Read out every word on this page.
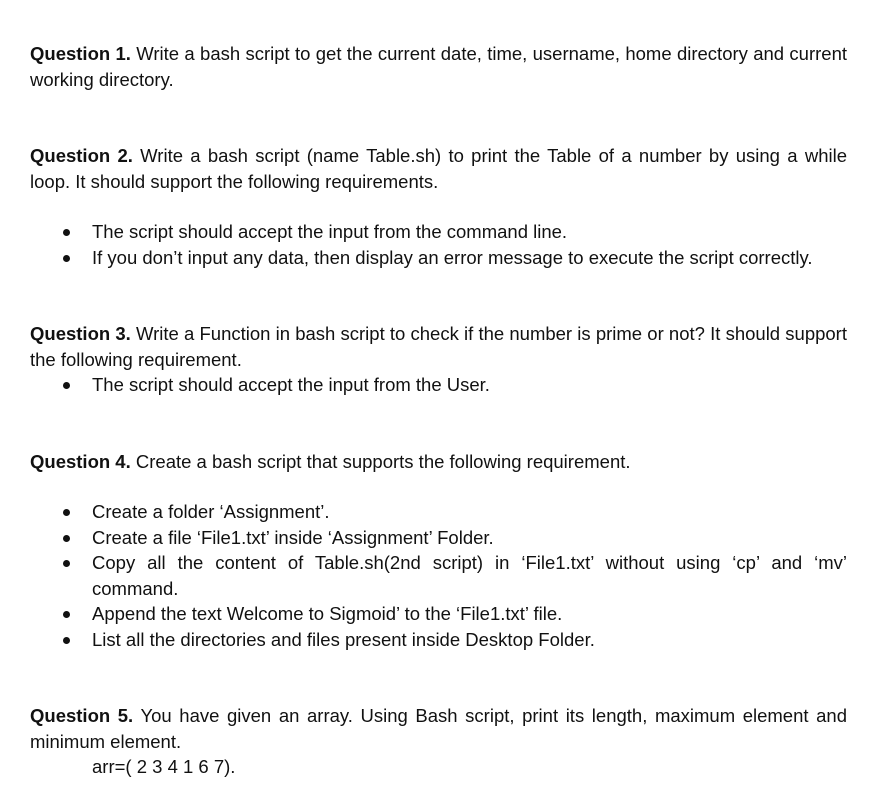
Question 1. Write a bash script to get the current date, time, username, home directory and current working directory.

Question 2. Write a bash script (name Table.sh) to print the Table of a number by using a while loop. It should support the following requirements.

The script should accept the input from the command line.
If you don’t input any data, then display an error message to execute the script correctly.

Question 3. Write a Function in bash script to check if the number is prime or not? It should support the following requirement.

The script should accept the input from the User.

Question 4. Create a bash script that supports the following requirement.

Create a folder ‘Assignment’.
Create a file ‘File1.txt’ inside ‘Assignment’ Folder.
Copy all the content of Table.sh(2nd script) in ‘File1.txt’ without using ‘cp’ and ‘mv’ command.
Append the text Welcome to Sigmoid’ to the ‘File1.txt’ file.
List all the directories and files present inside Desktop Folder.

Question 5. You have given an array. Using Bash script, print its length, maximum element and minimum element.

arr=( 2 3 4 1 6 7).
